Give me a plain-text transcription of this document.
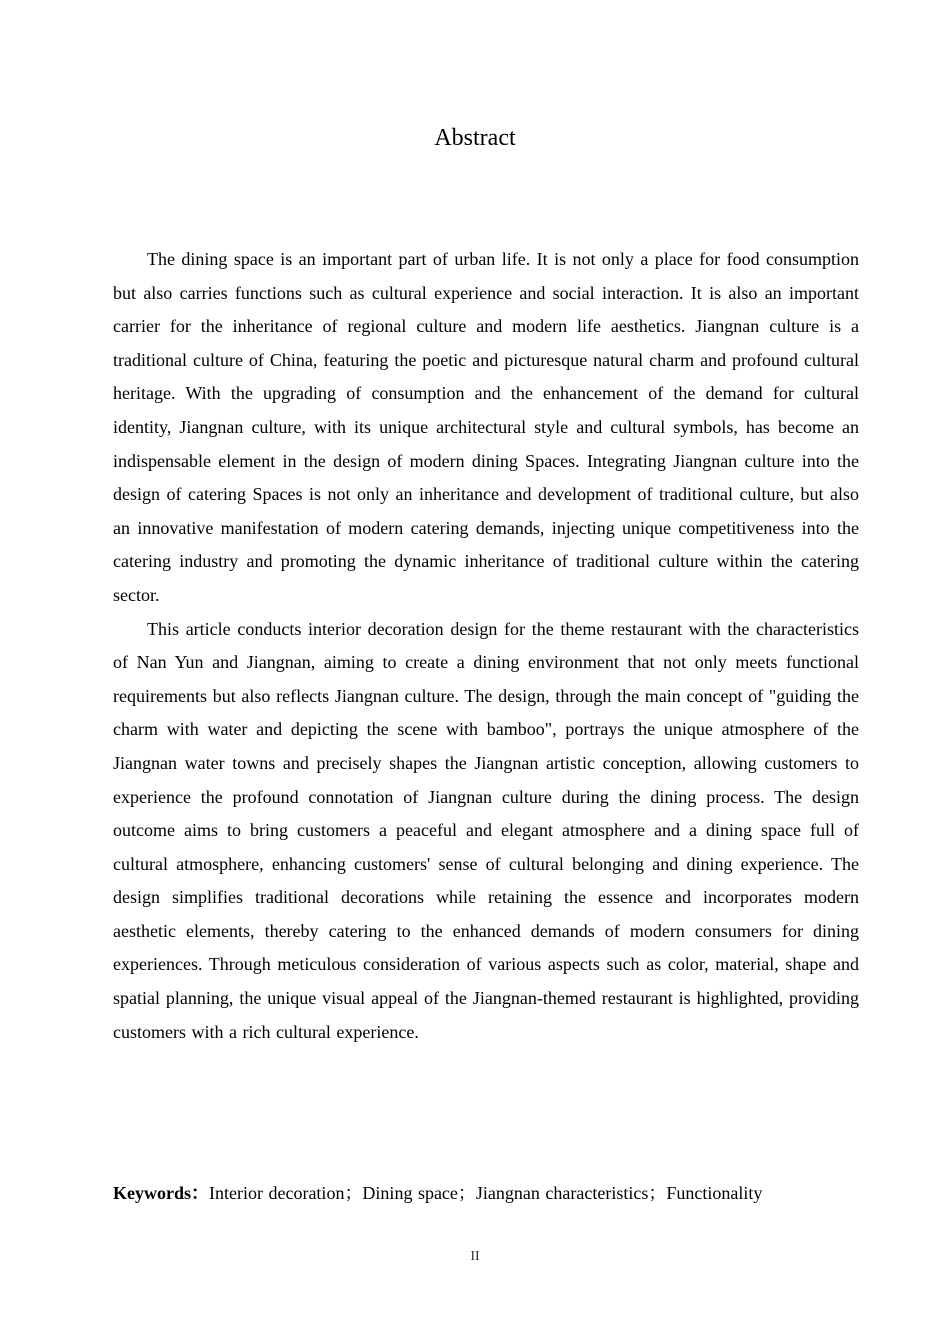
Abstract

The dining space is an important part of urban life. It is not only a place for food consumption but also carries functions such as cultural experience and social interaction. It is also an important carrier for the inheritance of regional culture and modern life aesthetics. Jiangnan culture is a traditional culture of China, featuring the poetic and picturesque natural charm and profound cultural heritage. With the upgrading of consumption and the enhancement of the demand for cultural identity, Jiangnan culture, with its unique architectural style and cultural symbols, has become an indispensable element in the design of modern dining Spaces. Integrating Jiangnan culture into the design of catering Spaces is not only an inheritance and development of traditional culture, but also an innovative manifestation of modern catering demands, injecting unique competitiveness into the catering industry and promoting the dynamic inheritance of traditional culture within the catering sector.

This article conducts interior decoration design for the theme restaurant with the characteristics of Nan Yun and Jiangnan, aiming to create a dining environment that not only meets functional requirements but also reflects Jiangnan culture. The design, through the main concept of "guiding the charm with water and depicting the scene with bamboo", portrays the unique atmosphere of the Jiangnan water towns and precisely shapes the Jiangnan artistic conception, allowing customers to experience the profound connotation of Jiangnan culture during the dining process. The design outcome aims to bring customers a peaceful and elegant atmosphere and a dining space full of cultural atmosphere, enhancing customers' sense of cultural belonging and dining experience. The design simplifies traditional decorations while retaining the essence and incorporates modern aesthetic elements, thereby catering to the enhanced demands of modern consumers for dining experiences. Through meticulous consideration of various aspects such as color, material, shape and spatial planning, the unique visual appeal of the Jiangnan-themed restaurant is highlighted, providing customers with a rich cultural experience.

Keywords：Interior decoration；Dining space；Jiangnan characteristics；Functionality

II
